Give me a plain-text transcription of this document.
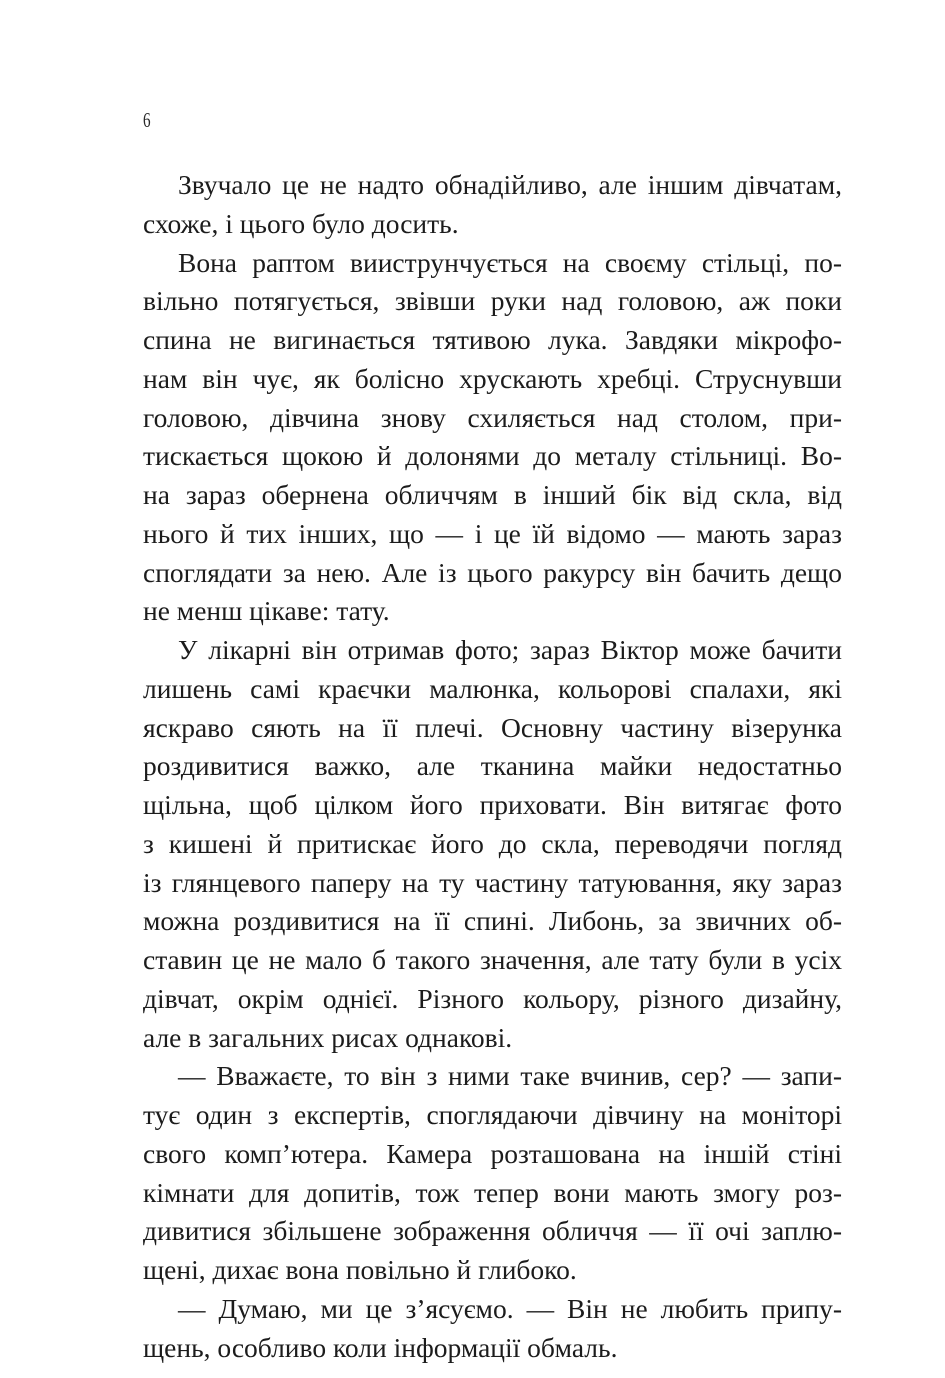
6
Звучало це не надто обнадійливо, але іншим дівчатам,
схоже, і цього було досить.
Вона раптом вииструнчується на своєму стільці, по-
вільно потягується, звівши руки над головою, аж поки
спина не вигинається тятивою лука. Завдяки мікрофо-
нам він чує, як болісно хрускають хребці. Струснувши
головою, дівчина знову схиляється над столом, при-
тискається щокою й долонями до металу стільниці. Во-
на зараз обернена обличчям в інший бік від скла, від
нього й тих інших, що — і це їй відомо — мають зараз
споглядати за нею. Але із цього ракурсу він бачить дещо
не менш цікаве: тату.
У лікарні він отримав фото; зараз Віктор може бачити
лишень самі краєчки малюнка, кольорові спалахи, які
яскраво сяють на її плечі. Основну частину візерунка
роздивитися важко, але тканина майки недостатньо
щільна, щоб цілком його приховати. Він витягає фото
з кишені й притискає його до скла, переводячи погляд
із глянцевого паперу на ту частину татуювання, яку зараз
можна роздивитися на її спині. Либонь, за звичних об-
ставин це не мало б такого значення, але тату були в усіх
дівчат, окрім однієї. Різного кольору, різного дизайну,
але в загальних рисах однакові.
— Вважаєте, то він з ними таке вчинив, сер? — запи-
тує один з експертів, споглядаючи дівчину на моніторі
свого комп’ютера. Камера розташована на іншій стіні
кімнати для допитів, тож тепер вони мають змогу роз-
дивитися збільшене зображення обличчя — її очі заплю-
щені, дихає вона повільно й глибоко.
— Думаю, ми це з’ясуємо. — Він не любить припу-
щень, особливо коли інформації обмаль.
